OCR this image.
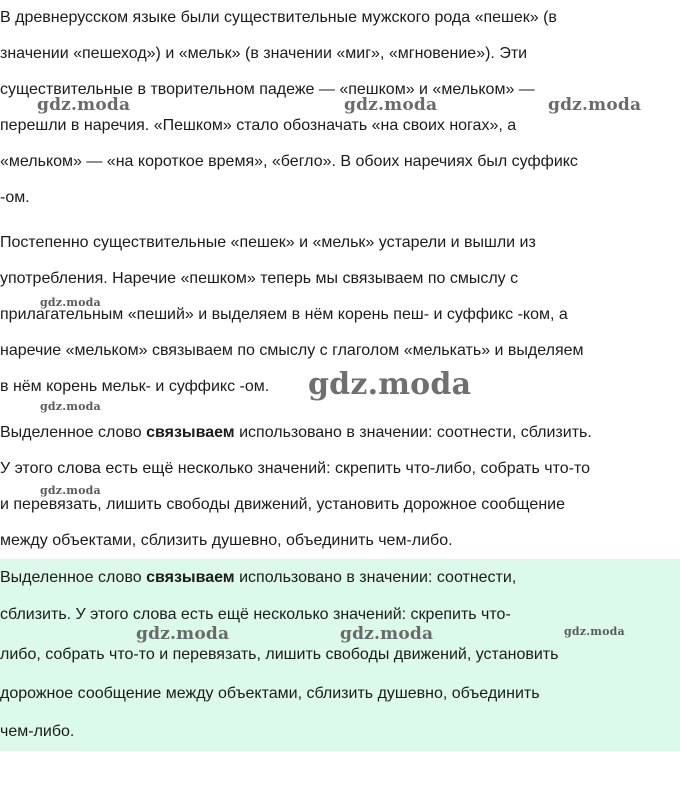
В древнерусском языке были существительные мужского рода «пешек» (в
значении «пешеход») и «мельк» (в значении «миг», «мгновение»). Эти
существительные в творительном падеже — «пешком» и «мельком» —
перешли в наречия. «Пешком» стало обозначать «на своих ногах», а
«мельком» — «на короткое время», «бегло». В обоих наречиях был суффикс
-ом.
Постепенно существительные «пешек» и «мельк» устарели и вышли из
употребления. Наречие «пешком» теперь мы связываем по смыслу с
прилагательным «пеший» и выделяем в нём корень пеш- и суффикс -ком, а
наречие «мельком» связываем по смыслу с глаголом «мелькать» и выделяем
в нём корень мельк- и суффикс -ом.
Выделенное слово связываем использовано в значении: соотнести, сблизить.
У этого слова есть ещё несколько значений: скрепить что-либо, собрать что-то
и перевязать, лишить свободы движений, установить дорожное сообщение
между объектами, сблизить душевно, объединить чем-либо.
Выделенное слово связываем использовано в значении: соотнести,
сблизить. У этого слова есть ещё несколько значений: скрепить что-
либо, собрать что-то и перевязать, лишить свободы движений, установить
дорожное сообщение между объектами, сблизить душевно, объединить
чем-либо.
gdz.moda	gdz.moda	gdz.moda
gdz.moda
gdz.moda
gdz.moda
gdz.moda
gdz.moda	gdz.moda	gdz.moda
